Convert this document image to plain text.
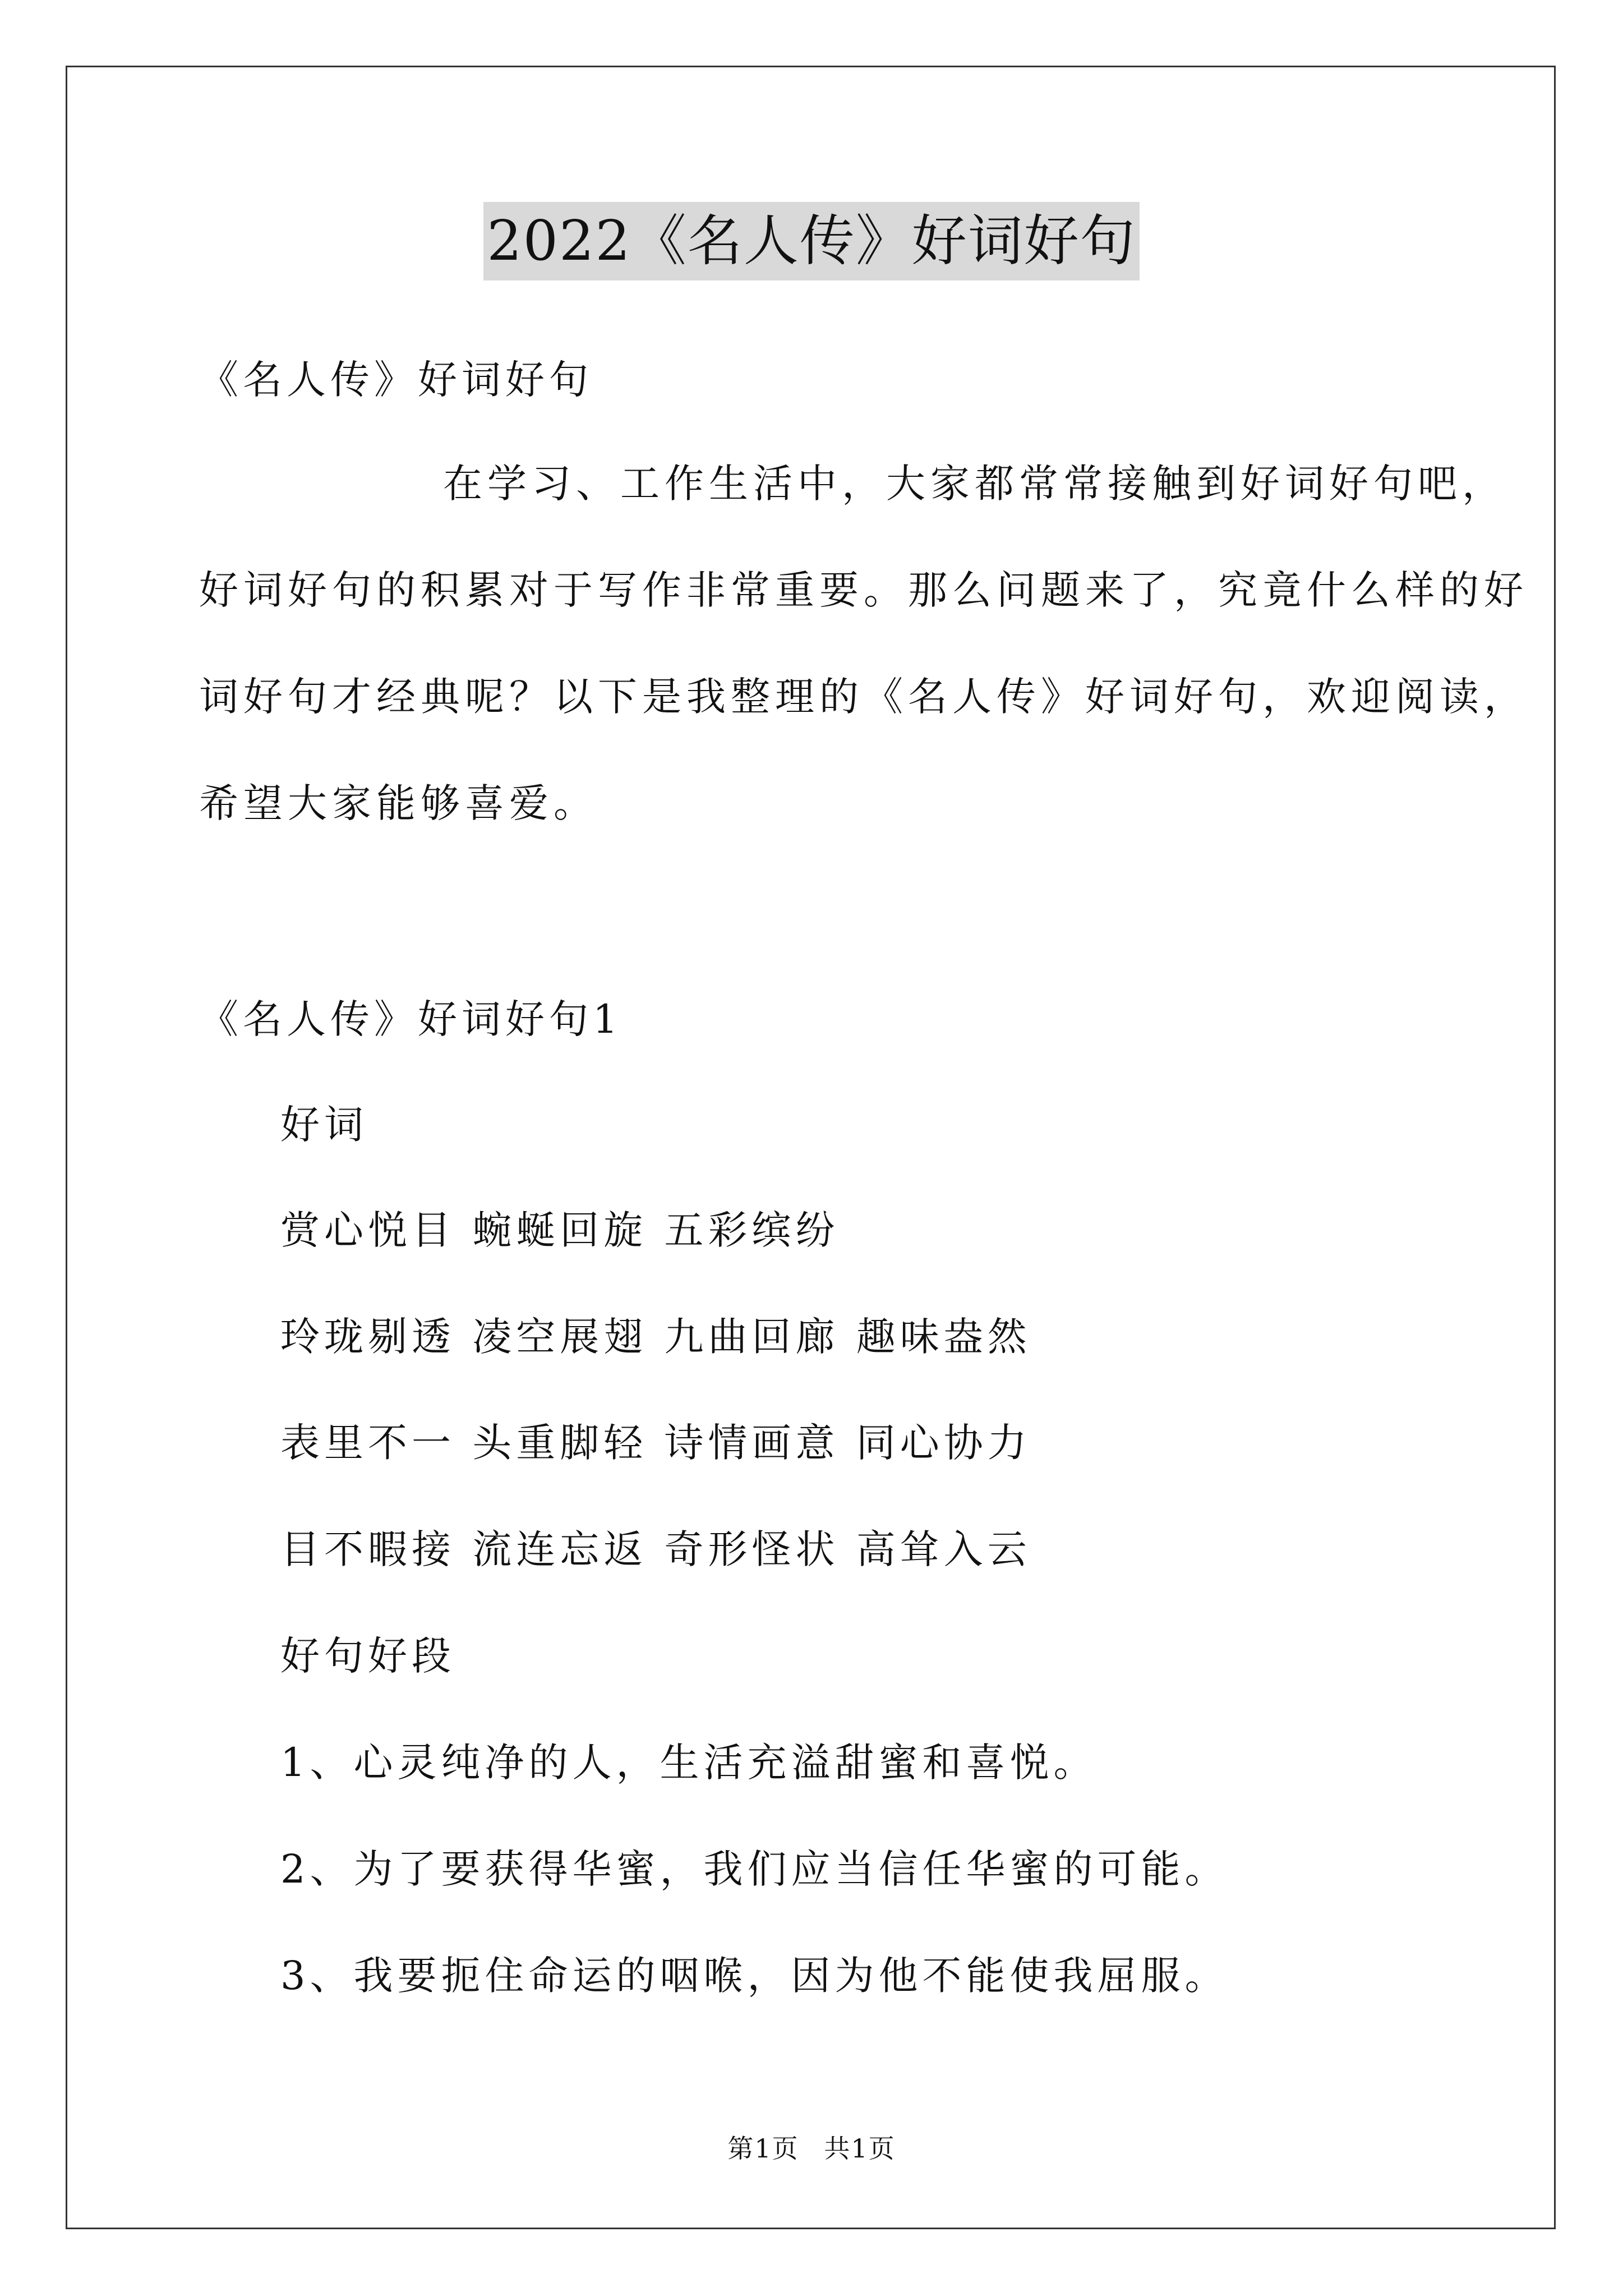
2022《名人传》好词好句
《名人传》好词好句
在学习、工作生活中，大家都常常接触到好词好句吧，
好词好句的积累对于写作非常重要。那么问题来了，究竟什么样的好
词好句才经典呢？以下是我整理的《名人传》好词好句，欢迎阅读，
希望大家能够喜爱。
《名人传》好词好句1
好词
赏心悦目 蜿蜒回旋 五彩缤纷
玲珑剔透 凌空展翅 九曲回廊 趣味盎然
表里不一 头重脚轻 诗情画意 同心协力
目不暇接 流连忘返 奇形怪状 高耸入云
好句好段
1、心灵纯净的人，生活充溢甜蜜和喜悦。
2、为了要获得华蜜，我们应当信任华蜜的可能。
3、我要扼住命运的咽喉，因为他不能使我屈服。
第1页 共1页
